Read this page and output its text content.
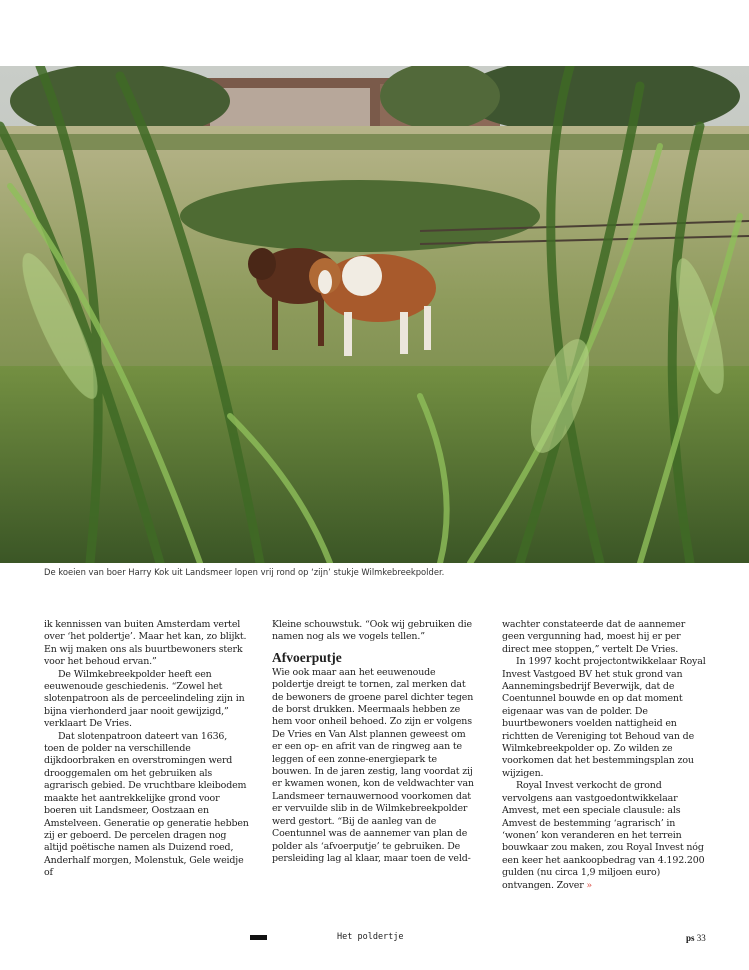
De koeien van boer Harry Kok uit Landsmeer lopen vrij rond op ‘zijn’ stukje Wilmkebreekpolder.

ik kennissen van buiten Amsterdam vertel over ‘het poldertje’. Maar het kan, zo blijkt. En wij maken ons als buurtbewoners sterk voor het behoud ervan.”

De Wilmkebreekpolder heeft een eeuwenoude geschiedenis. “Zowel het slotenpatroon als de perceelindeling zijn in bijna vierhonderd jaar nooit gewijzigd,” verklaart De Vries.

Dat slotenpatroon dateert van 1636, toen de polder na verschillende dijkdoorbraken en overstromingen werd drooggemalen om het gebruiken als agrarisch gebied. De vruchtbare kleibodem maakte het aantrekkelijke grond voor boeren uit Landsmeer, Oostzaan en Amstelveen. Generatie op generatie hebben zij er geboerd. De percelen dragen nog altijd poëtische namen als Duizend roed, Anderhalf morgen, Molenstuk, Gele weidje of

Kleine schouwstuk. “Ook wij gebruiken die namen nog als we vogels tellen.”

Afvoerputje

Wie ook maar aan het eeuwenoude poldertje dreigt te tornen, zal merken dat de bewoners de groene parel dichter tegen de borst drukken. Meermaals hebben ze hem voor onheil behoed. Zo zijn er volgens De Vries en Van Alst plannen geweest om er een op- en afrit van de ringweg aan te leggen of een zonne-energiepark te bouwen. In de jaren zestig, lang voordat zij er kwamen wonen, kon de veldwachter van Landsmeer ternauwernood voorkomen dat er vervuilde slib in de Wilmkebreekpolder werd gestort. “Bij de aanleg van de Coentunnel was de aannemer van plan de polder als ‘afvoerputje’ te gebruiken. De persleiding lag al klaar, maar toen de veld-

wachter constateerde dat de aannemer geen vergunning had, moest hij er per direct mee stoppen,” vertelt De Vries.

In 1997 kocht projectontwikkelaar Royal Invest Vastgoed BV het stuk grond van Aannemingsbedrijf Beverwijk, dat de Coentunnel bouwde en op dat moment eigenaar was van de polder. De buurtbewoners voelden nattigheid en richtten de Vereniging tot Behoud van de Wilmkebreekpolder op. Zo wilden ze voorkomen dat het bestemmingsplan zou wijzigen.

Royal Invest verkocht de grond vervolgens aan vastgoedontwikkelaar Amvest, met een speciale clausule: als Amvest de bestemming ‘agrarisch’ in ‘wonen’ kon veranderen en het terrein bouwkaar zou maken, zou Royal Invest nóg een keer het aankoopbedrag van 4.192.200 gulden (nu circa 1,9 miljoen euro) ontvangen. Zover »

Het poldertje	ps 33
